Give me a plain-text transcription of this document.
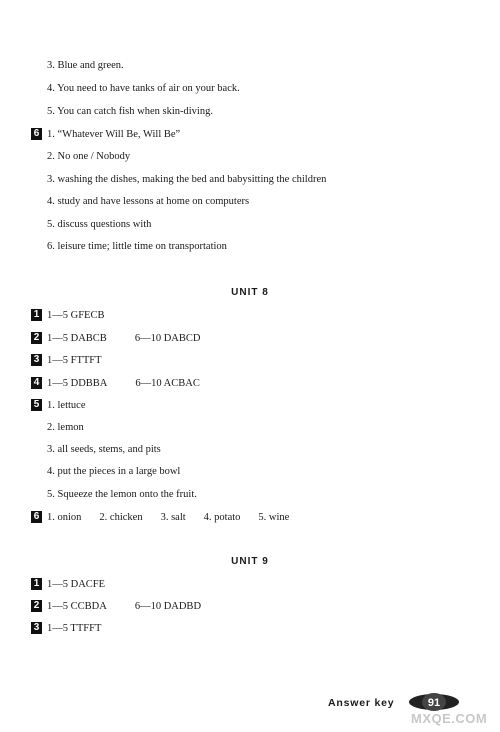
3. Blue and green.
4. You need to have tanks of air on your back.
5. You can catch fish when skin-diving.
6 1. “Whatever Will Be, Will Be”
2. No one / Nobody
3. washing the dishes, making the bed and babysitting the children
4. study and have lessons at home on computers
5. discuss questions with
6. leisure time; little time on transportation
UNIT 8
1 1—5 GFECB
2 1—5 DABCB	6—10 DABCD
3 1—5 FTTFT
4 1—5 DDBBA	6—10 ACBAC
5 1. lettuce
2. lemon
3. all seeds, stems, and pits
4. put the pieces in a large bowl
5. Squeeze the lemon onto the fruit.
6 1. onion 2. chicken 3. salt 4. potato 5. wine
UNIT 9
1 1—5 DACFE
2 1—5 CCBDA	6—10 DADBD
3 1—5 TTFFT
Answer key	91
MXQE.COM
